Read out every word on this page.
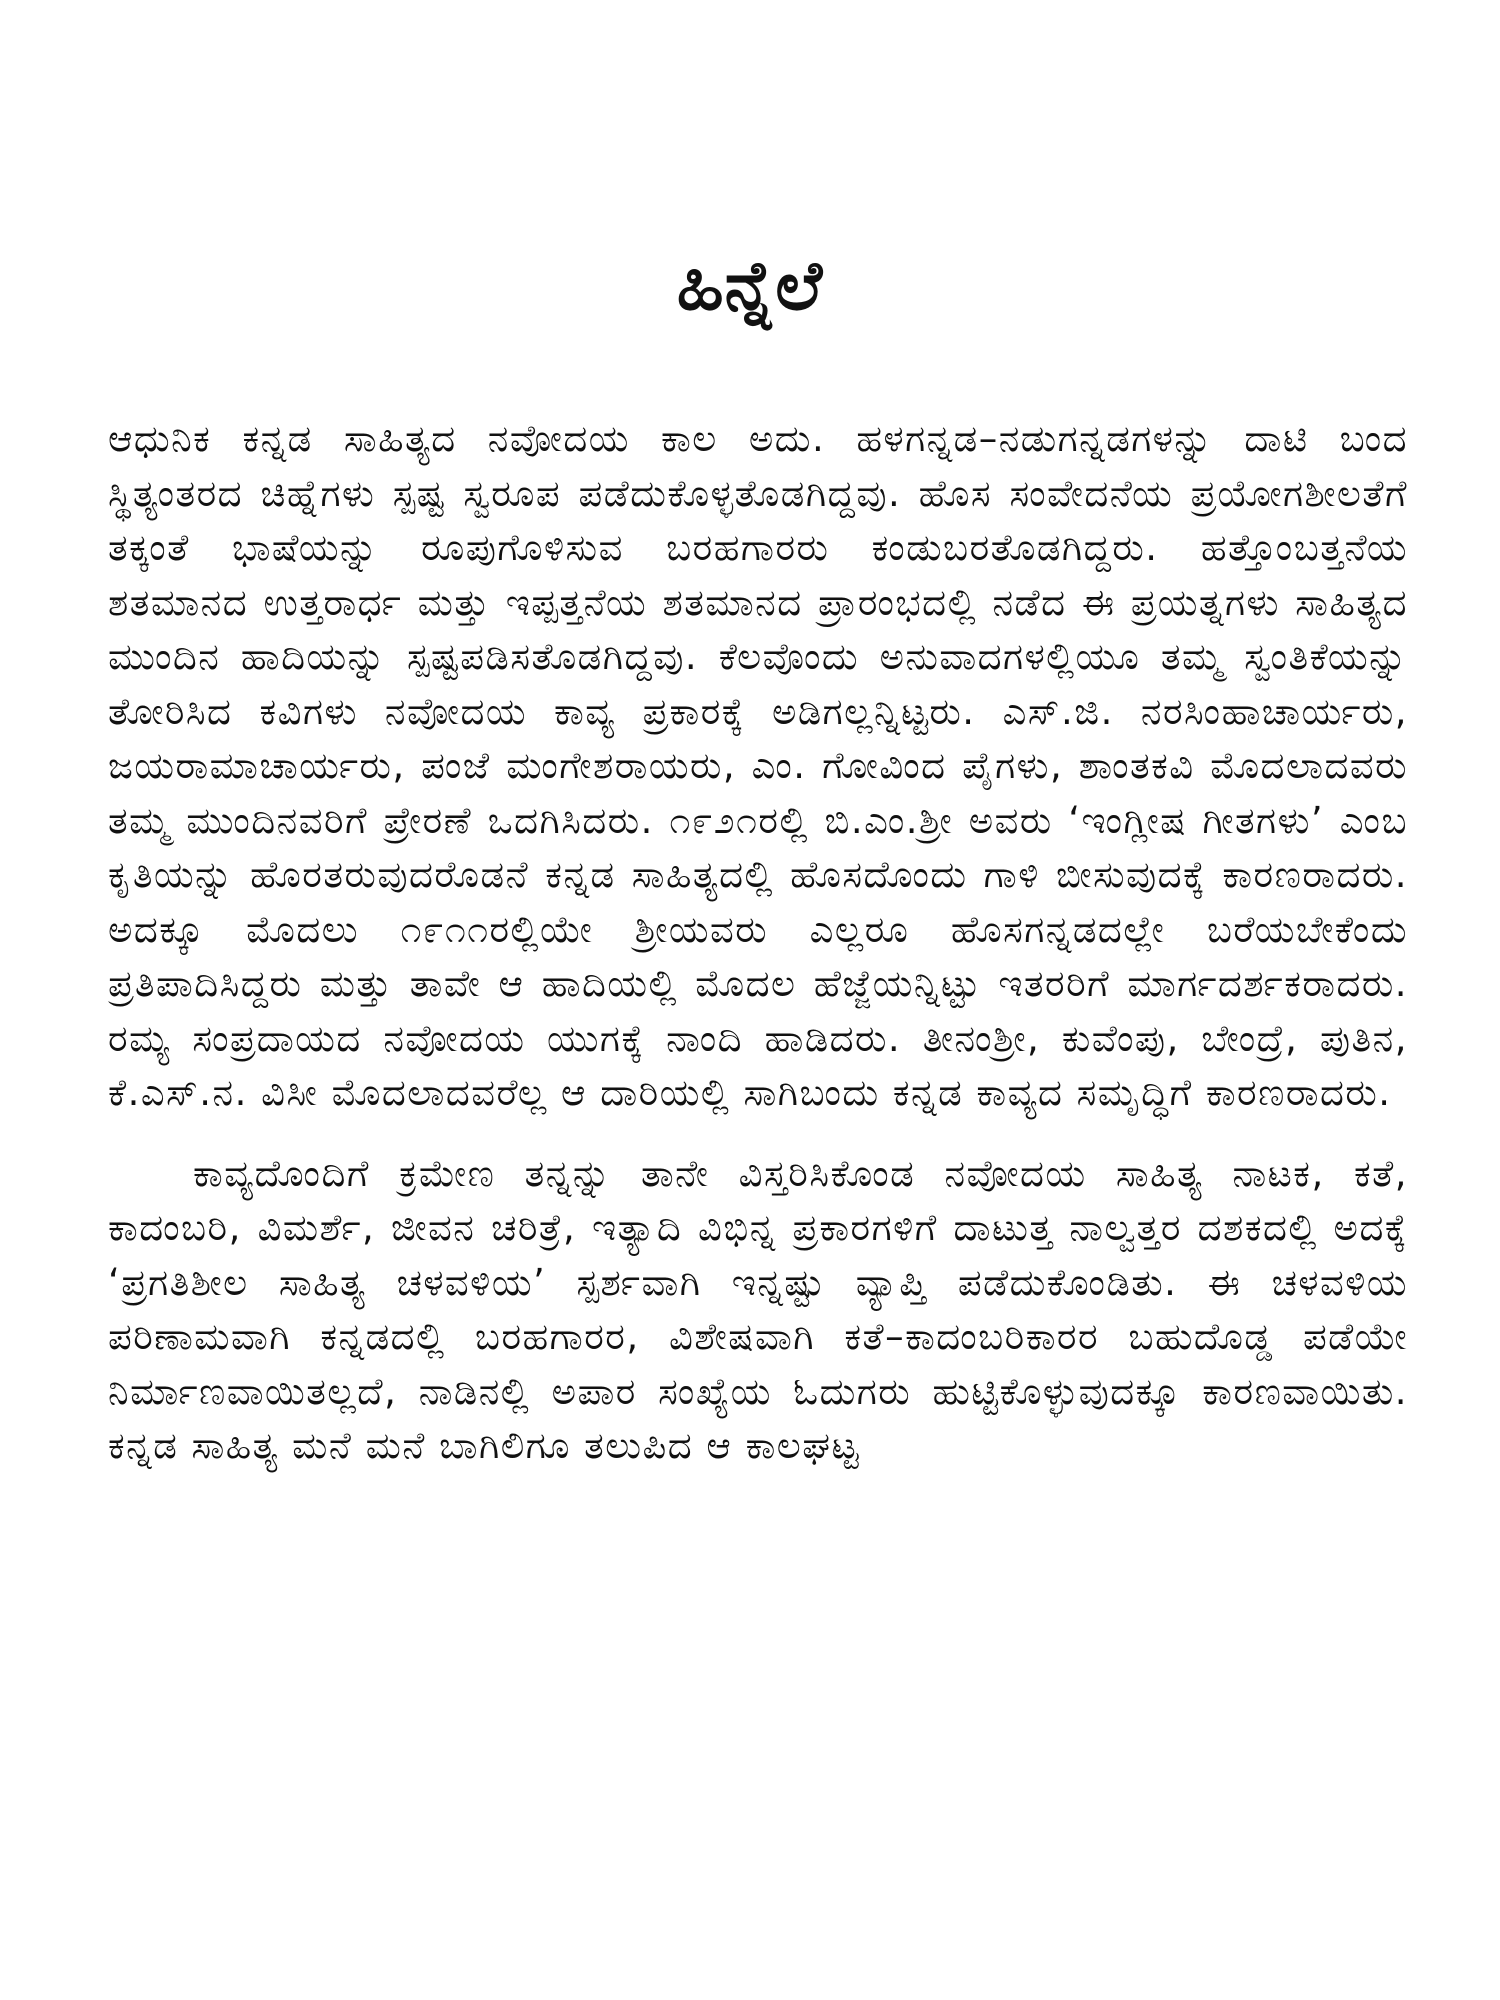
ಹಿನ್ನೆಲೆ

ಆಧುನಿಕ ಕನ್ನಡ ಸಾಹಿತ್ಯದ ನವೋದಯ ಕಾಲ ಅದು. ಹಳಗನ್ನಡ–ನಡುಗನ್ನಡಗಳನ್ನು ದಾಟಿ ಬಂದ ಸ್ಥಿತ್ಯಂತರದ ಚಿಹ್ನೆಗಳು ಸ್ಪಷ್ಟ ಸ್ವರೂಪ ಪಡೆದುಕೊಳ್ಳತೊಡಗಿದ್ದವು. ಹೊಸ ಸಂವೇದನೆಯ ಪ್ರಯೋಗಶೀಲತೆಗೆ ತಕ್ಕಂತೆ ಭಾಷೆಯನ್ನು ರೂಪುಗೊಳಿಸುವ ಬರಹಗಾರರು ಕಂಡುಬರತೊಡಗಿದ್ದರು. ಹತ್ತೊಂಬತ್ತನೆಯ ಶತಮಾನದ ಉತ್ತರಾರ್ಧ ಮತ್ತು ಇಪ್ಪತ್ತನೆಯ ಶತಮಾನದ ಪ್ರಾರಂಭದಲ್ಲಿ ನಡೆದ ಈ ಪ್ರಯತ್ನಗಳು ಸಾಹಿತ್ಯದ ಮುಂದಿನ ಹಾದಿಯನ್ನು ಸ್ಪಷ್ಟಪಡಿಸತೊಡಗಿದ್ದವು. ಕೆಲವೊಂದು ಅನುವಾದಗಳಲ್ಲಿಯೂ ತಮ್ಮ ಸ್ವಂತಿಕೆಯನ್ನು ತೋರಿಸಿದ ಕವಿಗಳು ನವೋದಯ ಕಾವ್ಯ ಪ್ರಕಾರಕ್ಕೆ ಅಡಿಗಲ್ಲನ್ನಿಟ್ಟರು. ಎಸ್.ಜಿ. ನರಸಿಂಹಾಚಾರ್ಯರು, ಜಯರಾಮಾಚಾರ್ಯರು, ಪಂಜೆ ಮಂಗೇಶರಾಯರು, ಎಂ. ಗೋವಿಂದ ಪೈಗಳು, ಶಾಂತಕವಿ ಮೊದಲಾದವರು ತಮ್ಮ ಮುಂದಿನವರಿಗೆ ಪ್ರೇರಣೆ ಒದಗಿಸಿದರು. ೧೯೨೧ರಲ್ಲಿ ಬಿ.ಎಂ.ಶ್ರೀ ಅವರು ‘ಇಂಗ್ಲೀಷ ಗೀತಗಳು’ ಎಂಬ ಕೃತಿಯನ್ನು ಹೊರತರುವುದರೊಡನೆ ಕನ್ನಡ ಸಾಹಿತ್ಯದಲ್ಲಿ ಹೊಸದೊಂದು ಗಾಳಿ ಬೀಸುವುದಕ್ಕೆ ಕಾರಣರಾದರು. ಅದಕ್ಕೂ ಮೊದಲು ೧೯೧೧ರಲ್ಲಿಯೇ ಶ್ರೀಯವರು ಎಲ್ಲರೂ ಹೊಸಗನ್ನಡದಲ್ಲೇ ಬರೆಯಬೇಕೆಂದು ಪ್ರತಿಪಾದಿಸಿದ್ದರು ಮತ್ತು ತಾವೇ ಆ ಹಾದಿಯಲ್ಲಿ ಮೊದಲ ಹೆಜ್ಜೆಯನ್ನಿಟ್ಟು ಇತರರಿಗೆ ಮಾರ್ಗದರ್ಶಕರಾದರು. ರಮ್ಯ ಸಂಪ್ರದಾಯದ ನವೋದಯ ಯುಗಕ್ಕೆ ನಾಂದಿ ಹಾಡಿದರು. ತೀನಂಶ್ರೀ, ಕುವೆಂಪು, ಬೇಂದ್ರೆ, ಪುತಿನ, ಕೆ.ಎಸ್.ನ. ವಿಸೀ ಮೊದಲಾದವರೆಲ್ಲ ಆ ದಾರಿಯಲ್ಲಿ ಸಾಗಿಬಂದು ಕನ್ನಡ ಕಾವ್ಯದ ಸಮೃದ್ಧಿಗೆ ಕಾರಣರಾದರು.

ಕಾವ್ಯದೊಂದಿಗೆ ಕ್ರಮೇಣ ತನ್ನನ್ನು ತಾನೇ ವಿಸ್ತರಿಸಿಕೊಂಡ ನವೋದಯ ಸಾಹಿತ್ಯ ನಾಟಕ, ಕತೆ, ಕಾದಂಬರಿ, ವಿಮರ್ಶೆ, ಜೀವನ ಚರಿತ್ರೆ, ಇತ್ಯಾದಿ ವಿಭಿನ್ನ ಪ್ರಕಾರಗಳಿಗೆ ದಾಟುತ್ತ ನಾಲ್ವತ್ತರ ದಶಕದಲ್ಲಿ ಅದಕ್ಕೆ ‘ಪ್ರಗತಿಶೀಲ ಸಾಹಿತ್ಯ ಚಳವಳಿಯ’ ಸ್ಪರ್ಶವಾಗಿ ಇನ್ನಷ್ಟು ವ್ಯಾಪ್ತಿ ಪಡೆದುಕೊಂಡಿತು. ಈ ಚಳವಳಿಯ ಪರಿಣಾಮವಾಗಿ ಕನ್ನಡದಲ್ಲಿ ಬರಹಗಾರರ, ವಿಶೇಷವಾಗಿ ಕತೆ–ಕಾದಂಬರಿಕಾರರ ಬಹುದೊಡ್ಡ ಪಡೆಯೇ ನಿರ್ಮಾಣವಾಯಿತಲ್ಲದೆ, ನಾಡಿನಲ್ಲಿ ಅಪಾರ ಸಂಖ್ಯೆಯ ಓದುಗರು ಹುಟ್ಟಿಕೊಳ್ಳುವುದಕ್ಕೂ ಕಾರಣವಾಯಿತು. ಕನ್ನಡ ಸಾಹಿತ್ಯ ಮನೆ ಮನೆ ಬಾಗಿಲಿಗೂ ತಲುಪಿದ ಆ ಕಾಲಘಟ್ಟ
